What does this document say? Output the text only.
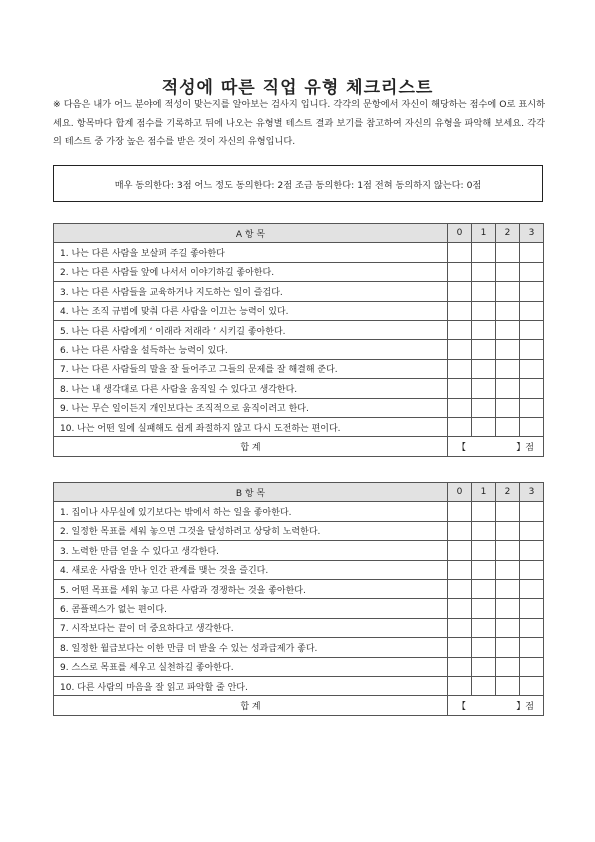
적성에 따른 직업 유형 체크리스트
※ 다음은 내가 어느 분야에 적성이 맞는지를 알아보는 검사지 입니다. 각각의 문항에서 자신이 해당하는 점수에 O로 표시하세요. 항목마다 합계 점수를 기록하고 뒤에 나오는 유형별 테스트 결과 보기를 참고하여 자신의 유형을 파악해 보세요. 각각의 테스트 중 가장 높은 점수를 받은 것이 자신의 유형입니다.
매우 동의한다: 3점 어느 정도 동의한다: 2점 조금 동의한다: 1점 전혀 동의하지 않는다: 0점
A 항 목	0	1	2	3
1. 나는 다른 사람을 보살펴 주길 좋아한다				
2. 나는 다른 사람들 앞에 나서서 이야기하길 좋아한다.				
3. 나는 다른 사람들을 교육하거나 지도하는 일이 즐겁다.				
4. 나는 조직 규범에 맞춰 다른 사람을 이끄는 능력이 있다.				
5. 나는 다른 사람에게 ‘ 이래라 저래라 ’ 시키길 좋아한다.				
6. 나는 다른 사람을 설득하는 능력이 있다.				
7. 나는 다른 사람들의 말을 잘 들어주고 그들의 문제를 잘 해결해 준다.				
8. 나는 내 생각대로 다른 사람을 움직일 수 있다고 생각한다.				
9. 나는 무슨 일이든지 개인보다는 조직적으로 움직이려고 한다.				
10. 나는 어떤 일에 실패해도 쉽게 좌절하지 않고 다시 도전하는 편이다.				
합 계	【 】점			
B 항 목	0	1	2	3
1. 집이나 사무실에 있기보다는 밖에서 하는 일을 좋아한다.				
2. 일정한 목표를 세워 놓으면 그것을 달성하려고 상당히 노력한다.				
3. 노력한 만큼 얻을 수 있다고 생각한다.				
4. 새로운 사람을 만나 인간 관계를 맺는 것을 즐긴다.				
5. 어떤 목표를 세워 놓고 다른 사람과 경쟁하는 것을 좋아한다.				
6. 콤플렉스가 없는 편이다.				
7. 시작보다는 끝이 더 중요하다고 생각한다.				
8. 일정한 월급보다는 이한 만큼 더 받을 수 있는 성과급제가 좋다.				
9. 스스로 목표를 세우고 실천하길 좋아한다.				
10. 다른 사람의 마음을 잘 읽고 파악할 줄 안다.				
합 계	【 】점			
